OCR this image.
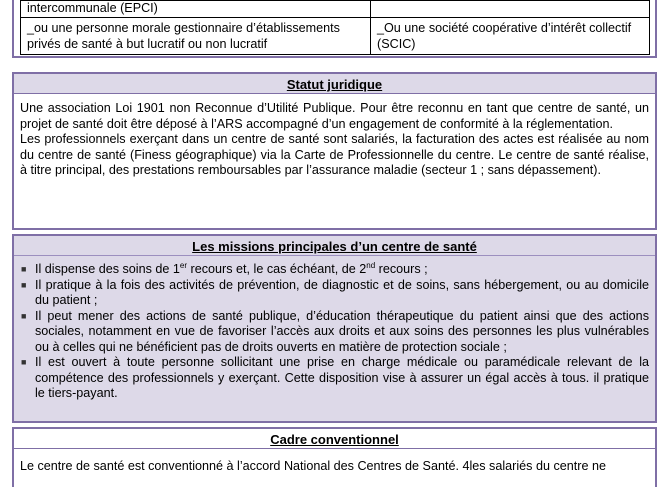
intercommunale (EPCI)	
_ou une personne morale gestionnaire d’établissements privés de santé à but lucratif ou non lucratif	_Ou une société coopérative d’intérêt collectif (SCIC)
Statut juridique

Une association Loi 1901 non Reconnue d’Utilité Publique. Pour être reconnu en tant que centre de santé, un projet de santé doit être déposé à l’ARS accompagné d’un engagement de conformité à la réglementation.

Les professionnels exerçant dans un centre de santé sont salariés, la facturation des actes est réalisée au nom du centre de santé (Finess géographique) via la Carte de Professionnelle du centre. Le centre de santé réalise, à titre principal, des prestations remboursables par l’assurance maladie (secteur 1 ; sans dépassement).

Les missions principales d’un centre de santé
■ Il dispense des soins de 1er recours et, le cas échéant, de 2nd recours ;
■ Il pratique à la fois des activités de prévention, de diagnostic et de soins, sans hébergement, ou au domicile du patient ;
■ Il peut mener des actions de santé publique, d’éducation thérapeutique du patient ainsi que des actions sociales, notamment en vue de favoriser l’accès aux droits et aux soins des personnes les plus vulnérables ou à celles qui ne bénéficient pas de droits ouverts en matière de protection sociale ;
■ Il est ouvert à toute personne sollicitant une prise en charge médicale ou paramédicale relevant de la compétence des professionnels y exerçant. Cette disposition vise à assurer un égal accès à tous. il pratique le tiers-payant.
Cadre conventionnel

Le centre de santé est conventionné à l’accord National des Centres de Santé. 4les salariés du centre ne
